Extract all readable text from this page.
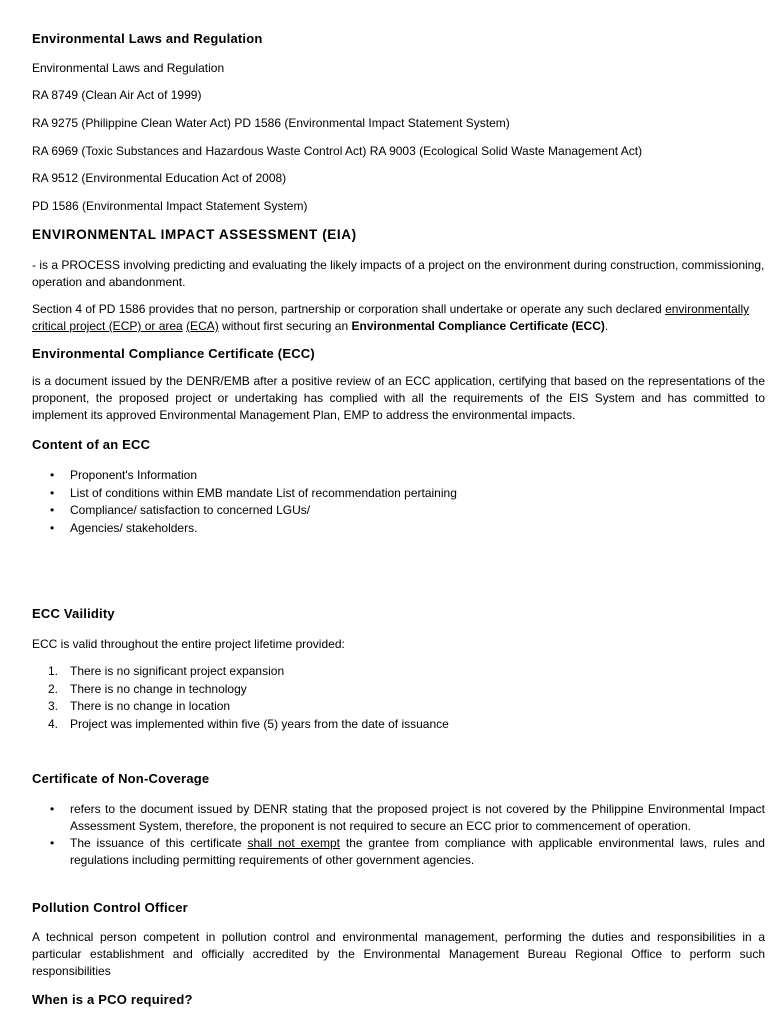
Environmental Laws and Regulation
Environmental Laws and Regulation
RA 8749 (Clean Air Act of 1999)
RA 9275 (Philippine Clean Water Act) PD 1586 (Environmental Impact Statement System)
RA 6969 (Toxic Substances and Hazardous Waste Control Act) RA 9003 (Ecological Solid Waste Management Act)
RA 9512 (Environmental Education Act of 2008)
PD 1586 (Environmental Impact Statement System)
ENVIRONMENTAL IMPACT ASSESSMENT (EIA)
- is a PROCESS involving predicting and evaluating the likely impacts of a project on the environment during construction, commissioning, operation and abandonment.
Section 4 of PD 1586 provides that no person, partnership or corporation shall undertake or operate any such declared environmentally critical project (ECP) or area (ECA) without first securing an Environmental Compliance Certificate (ECC).
Environmental Compliance Certificate (ECC)
is a document issued by the DENR/EMB after a positive review of an ECC application, certifying that based on the representations of the proponent, the proposed project or undertaking has complied with all the requirements of the EIS System and has committed to implement its approved Environmental Management Plan, EMP to address the environmental impacts.
Content of an ECC
• Proponent's Information
• List of conditions within EMB mandate List of recommendation pertaining
• Compliance/ satisfaction to concerned LGUs/
• Agencies/ stakeholders.
ECC Vailidity
ECC is valid throughout the entire project lifetime provided:
1. There is no significant project expansion
2. There is no change in technology
3. There is no change in location
4. Project was implemented within five (5) years from the date of issuance
Certificate of Non-Coverage
• refers to the document issued by DENR stating that the proposed project is not covered by the Philippine Environmental Impact Assessment System, therefore, the proponent is not required to secure an ECC prior to commencement of operation.
• The issuance of this certificate shall not exempt the grantee from compliance with applicable environmental laws, rules and regulations including permitting requirements of other government agencies.
Pollution Control Officer
A technical person competent in pollution control and environmental management, performing the duties and responsibilities in a particular establishment and officially accredited by the Environmental Management Bureau Regional Office to perform such responsibilities
When is a PCO required?
